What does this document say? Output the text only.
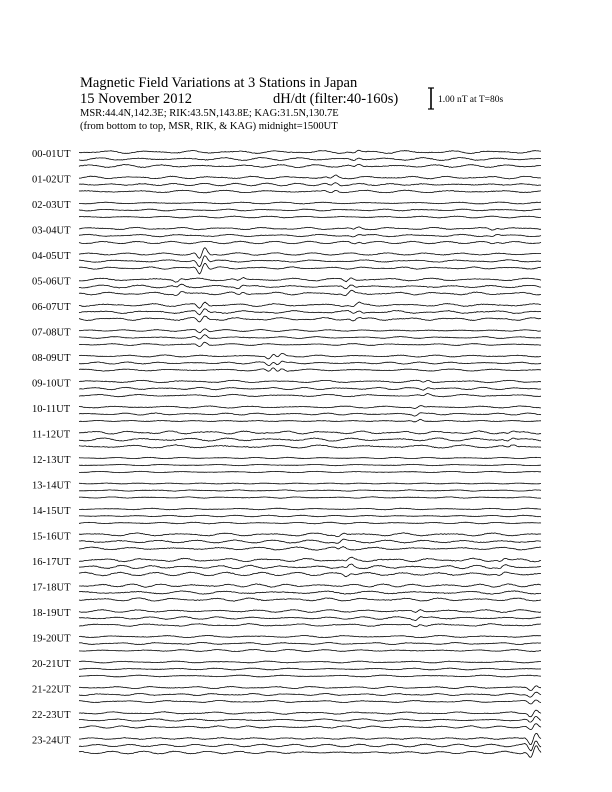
Magnetic Field Variations at 3 Stations in Japan
15 November 2012	dH/dt (filter:40-160s)
MSR:44.4N,142.3E; RIK:43.5N,143.8E; KAG:31.5N,130.7E
(from bottom to top, MSR, RIK, & KAG) midnight=1500UT
1.00 nT at T=80s
00-01UT
01-02UT
02-03UT
03-04UT
04-05UT
05-06UT
06-07UT
07-08UT
08-09UT
09-10UT
10-11UT
11-12UT
12-13UT
13-14UT
14-15UT
15-16UT
16-17UT
17-18UT
18-19UT
19-20UT
20-21UT
21-22UT
22-23UT
23-24UT
